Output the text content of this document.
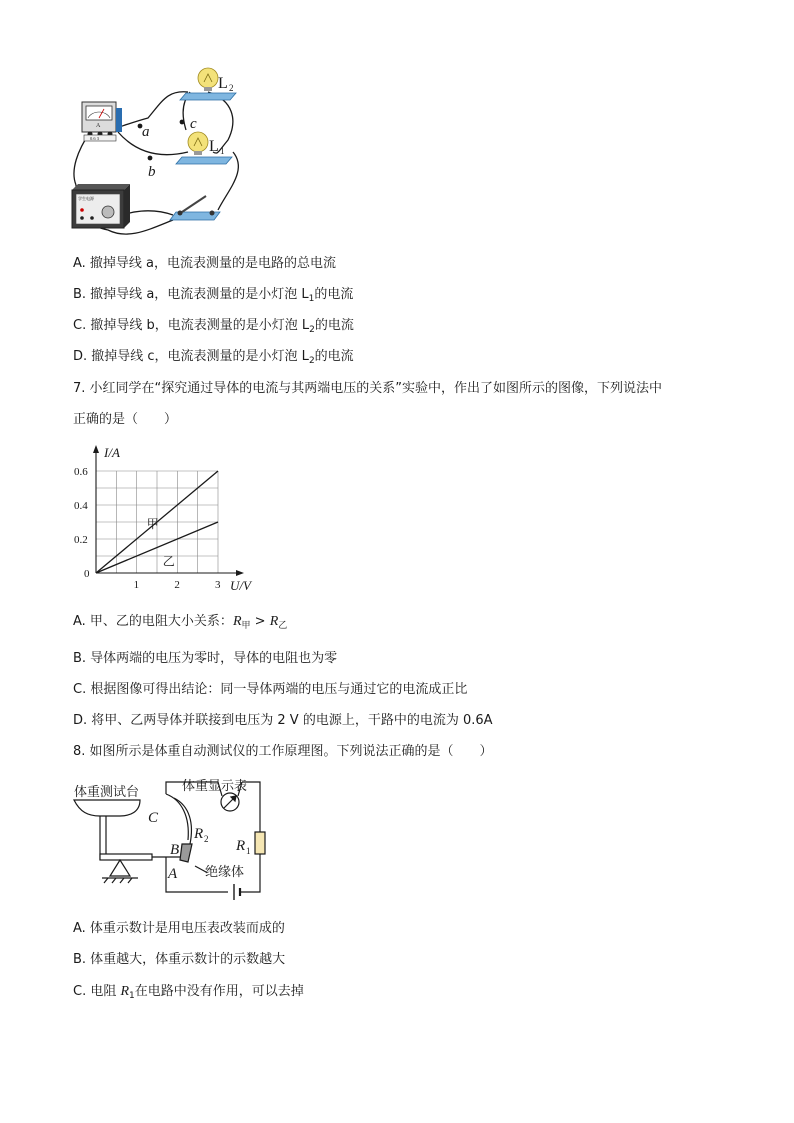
A
0.6 3
学生电源
L 2
L 1
a
b
c
A. 撤掉导线 a，电流表测量的是电路的总电流
B. 撤掉导线 a，电流表测量的是小灯泡 $L_1$的电流
C. 撤掉导线 b，电流表测量的是小灯泡 $L_2$的电流
D. 撤掉导线 c，电流表测量的是小灯泡 $L_2$的电流
7. 小红同学在“探究通过导体的电流与其两端电压的关系”实验中，作出了如图所示的图像，下列说法中
正确的是（　　）
1	2	3
0.2
0.4
0.6
0
U/V
I/A
甲
乙
A. 甲、乙的电阻大小关系：$R_甲 > R_乙$
B. 导体两端的电压为零时，导体的电阻也为零
C. 根据图像可得出结论：同一导体两端的电压与通过它的电流成正比
D. 将甲、乙两导体并联接到电压为 2 V 的电源上，干路中的电流为 0.6A
8. 如图所示是体重自动测试仪的工作原理图。下列说法正确的是（　　）
体重测试台	体重显示表
C
B
A
R 2 R 1
绝缘体
A. 体重示数计是用电压表改装而成的
B. 体重越大，体重示数计的示数越大
C. 电阻 $R_1$在电路中没有作用，可以去掉
